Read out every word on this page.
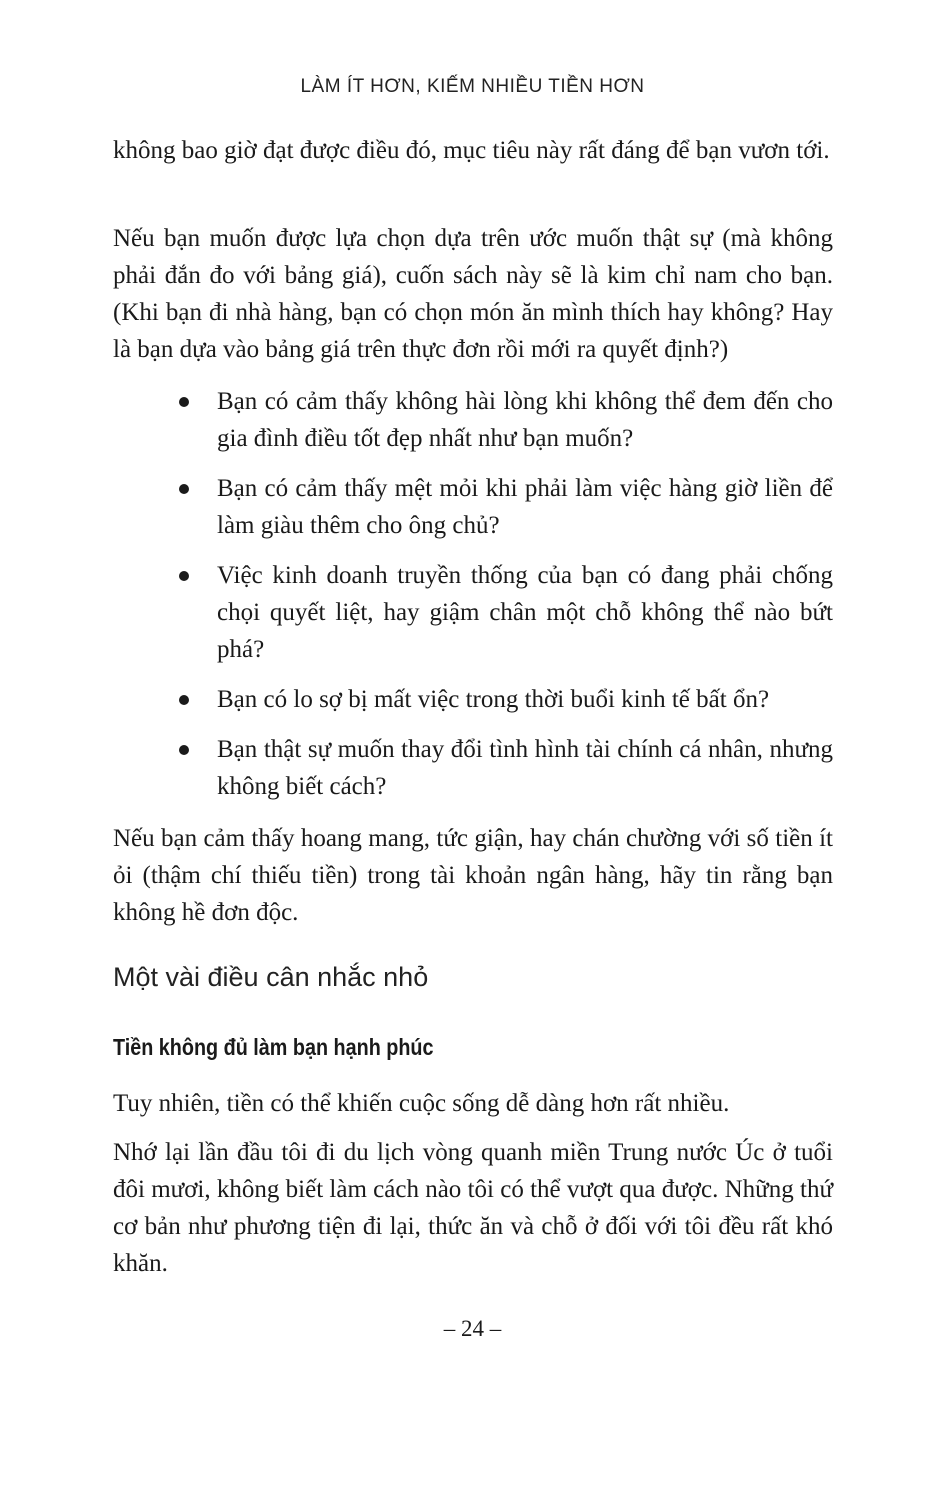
LÀM ÍT HƠN, KIẾM NHIỀU TIỀN HƠN

không bao giờ đạt được điều đó, mục tiêu này rất đáng để bạn vươn tới.

Nếu bạn muốn được lựa chọn dựa trên ước muốn thật sự (mà không phải đắn đo với bảng giá), cuốn sách này sẽ là kim chỉ nam cho bạn. (Khi bạn đi nhà hàng, bạn có chọn món ăn mình thích hay không? Hay là bạn dựa vào bảng giá trên thực đơn rồi mới ra quyết định?)

Bạn có cảm thấy không hài lòng khi không thể đem đến cho gia đình điều tốt đẹp nhất như bạn muốn?
Bạn có cảm thấy mệt mỏi khi phải làm việc hàng giờ liền để làm giàu thêm cho ông chủ?
Việc kinh doanh truyền thống của bạn có đang phải chống chọi quyết liệt, hay giậm chân một chỗ không thể nào bứt phá?
Bạn có lo sợ bị mất việc trong thời buổi kinh tế bất ổn?
Bạn thật sự muốn thay đổi tình hình tài chính cá nhân, nhưng không biết cách?

Nếu bạn cảm thấy hoang mang, tức giận, hay chán chường với số tiền ít ỏi (thậm chí thiếu tiền) trong tài khoản ngân hàng, hãy tin rằng bạn không hề đơn độc.

Một vài điều cân nhắc nhỏ
Tiền không đủ làm bạn hạnh phúc

Tuy nhiên, tiền có thể khiến cuộc sống dễ dàng hơn rất nhiều.

Nhớ lại lần đầu tôi đi du lịch vòng quanh miền Trung nước Úc ở tuổi đôi mươi, không biết làm cách nào tôi có thể vượt qua được. Những thứ cơ bản như phương tiện đi lại, thức ăn và chỗ ở đối với tôi đều rất khó khăn.

– 24 –
